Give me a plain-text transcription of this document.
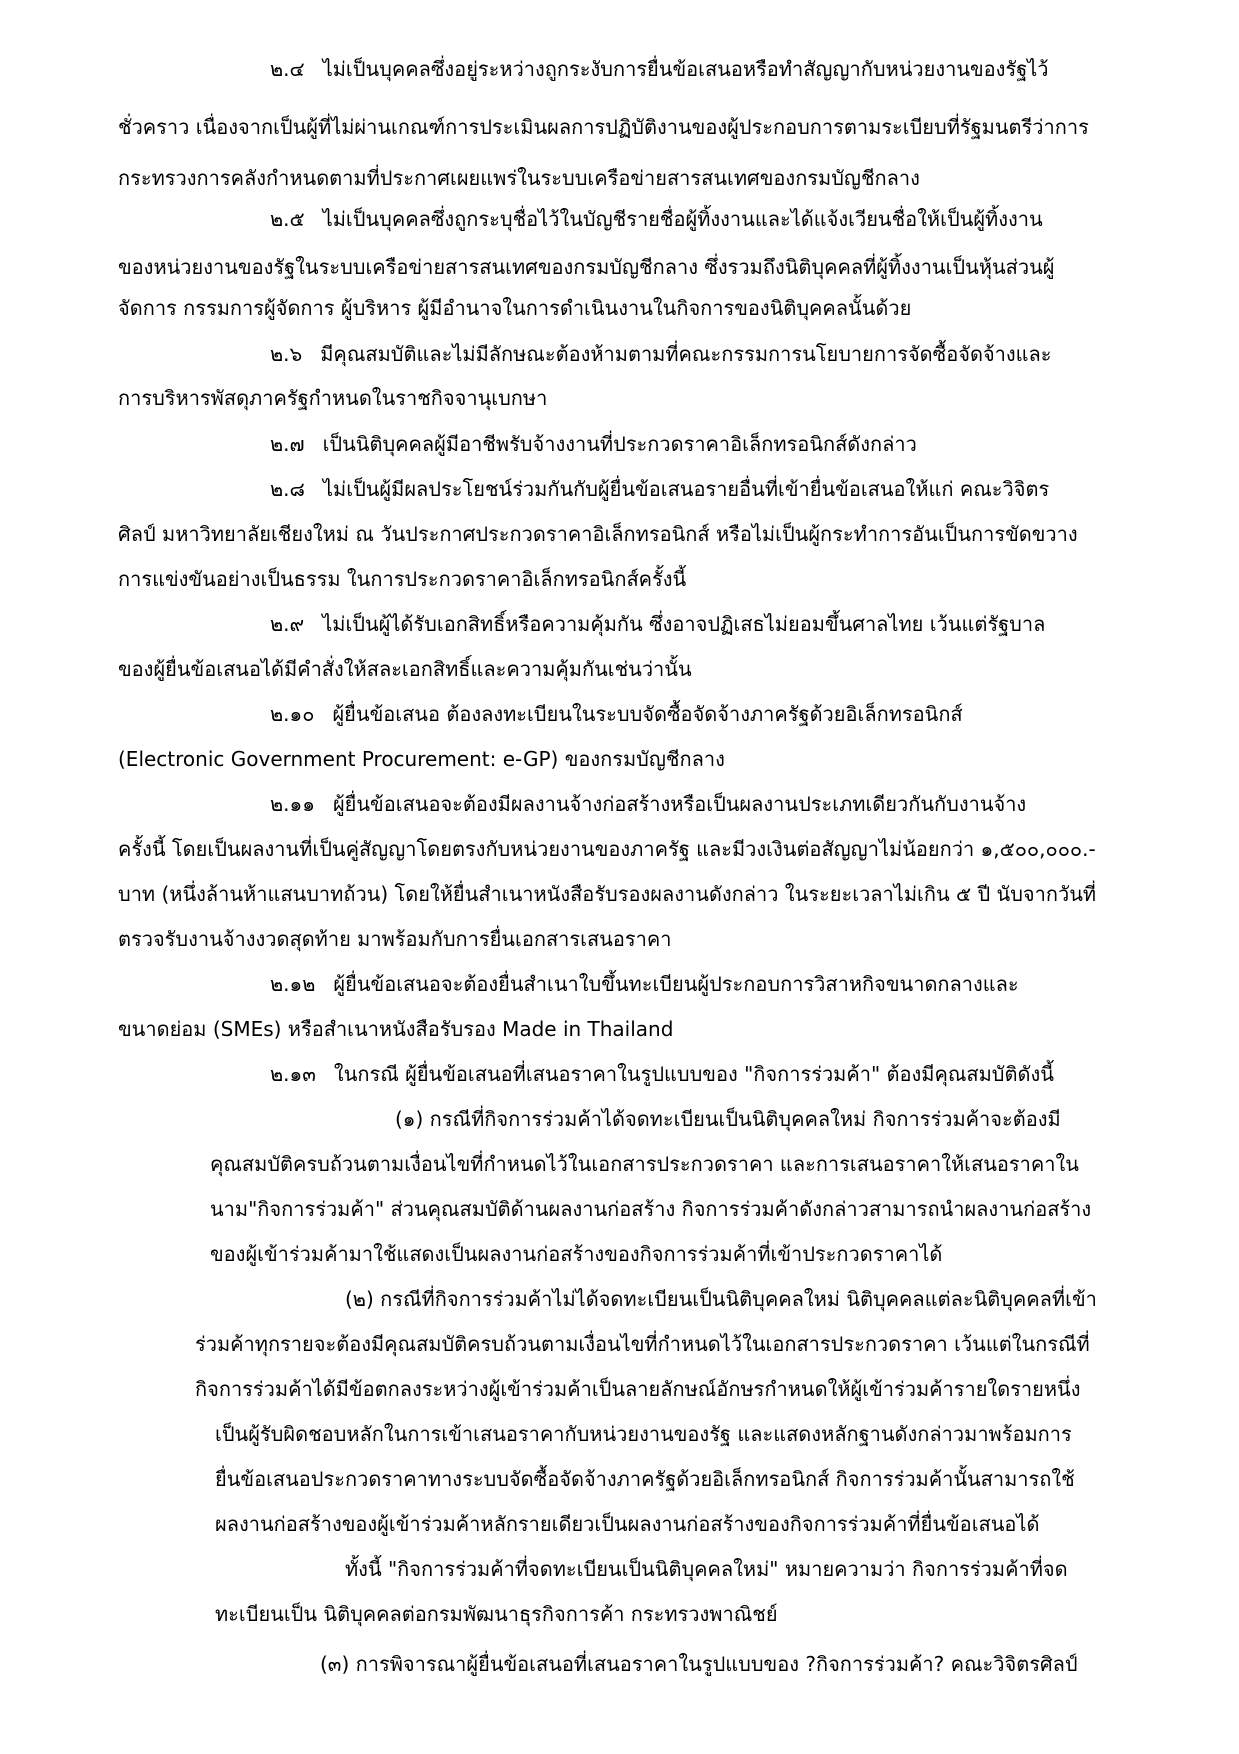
๒.๔ ไม่เป็นบุคคลซึ่งอยู่ระหว่างถูกระงับการยื่นข้อเสนอหรือทำสัญญากับหน่วยงานของรัฐไว้
ชั่วคราว เนื่องจากเป็นผู้ที่ไม่ผ่านเกณฑ์การประเมินผลการปฏิบัติงานของผู้ประกอบการตามระเบียบที่รัฐมนตรีว่าการ
กระทรวงการคลังกำหนดตามที่ประกาศเผยแพร่ในระบบเครือข่ายสารสนเทศของกรมบัญชีกลาง
๒.๕ ไม่เป็นบุคคลซึ่งถูกระบุชื่อไว้ในบัญชีรายชื่อผู้ทิ้งงานและได้แจ้งเวียนชื่อให้เป็นผู้ทิ้งงาน
ของหน่วยงานของรัฐในระบบเครือข่ายสารสนเทศของกรมบัญชีกลาง ซึ่งรวมถึงนิติบุคคลที่ผู้ทิ้งงานเป็นหุ้นส่วนผู้
จัดการ กรรมการผู้จัดการ ผู้บริหาร ผู้มีอำนาจในการดำเนินงานในกิจการของนิติบุคคลนั้นด้วย
๒.๖ มีคุณสมบัติและไม่มีลักษณะต้องห้ามตามที่คณะกรรมการนโยบายการจัดซื้อจัดจ้างและ
การบริหารพัสดุภาครัฐกำหนดในราชกิจจานุเบกษา
๒.๗ เป็นนิติบุคคลผู้มีอาชีพรับจ้างงานที่ประกวดราคาอิเล็กทรอนิกส์ดังกล่าว
๒.๘ ไม่เป็นผู้มีผลประโยชน์ร่วมกันกับผู้ยื่นข้อเสนอรายอื่นที่เข้ายื่นข้อเสนอให้แก่ คณะวิจิตร
ศิลป์ มหาวิทยาลัยเชียงใหม่ ณ วันประกาศประกวดราคาอิเล็กทรอนิกส์ หรือไม่เป็นผู้กระทำการอันเป็นการขัดขวาง
การแข่งขันอย่างเป็นธรรม ในการประกวดราคาอิเล็กทรอนิกส์ครั้งนี้
๒.๙ ไม่เป็นผู้ได้รับเอกสิทธิ์หรือความคุ้มกัน ซึ่งอาจปฏิเสธไม่ยอมขึ้นศาลไทย เว้นแต่รัฐบาล
ของผู้ยื่นข้อเสนอได้มีคำสั่งให้สละเอกสิทธิ์และความคุ้มกันเช่นว่านั้น
๒.๑๐ ผู้ยื่นข้อเสนอ ต้องลงทะเบียนในระบบจัดซื้อจัดจ้างภาครัฐด้วยอิเล็กทรอนิกส์
(Electronic Government Procurement: e-GP) ของกรมบัญชีกลาง
๒.๑๑ ผู้ยื่นข้อเสนอจะต้องมีผลงานจ้างก่อสร้างหรือเป็นผลงานประเภทเดียวกันกับงานจ้าง
ครั้งนี้ โดยเป็นผลงานที่เป็นคู่สัญญาโดยตรงกับหน่วยงานของภาครัฐ และมีวงเงินต่อสัญญาไม่น้อยกว่า ๑,๕๐๐,๐๐๐.-
บาท (หนึ่งล้านห้าแสนบาทถ้วน) โดยให้ยื่นสำเนาหนังสือรับรองผลงานดังกล่าว ในระยะเวลาไม่เกิน ๕ ปี นับจากวันที่
ตรวจรับงานจ้างงวดสุดท้าย มาพร้อมกับการยื่นเอกสารเสนอราคา
๒.๑๒ ผู้ยื่นข้อเสนอจะต้องยื่นสำเนาใบขึ้นทะเบียนผู้ประกอบการวิสาหกิจขนาดกลางและ
ขนาดย่อม (SMEs) หรือสำเนาหนังสือรับรอง Made in Thailand
๒.๑๓ ในกรณี ผู้ยื่นข้อเสนอที่เสนอราคาในรูปแบบของ "กิจการร่วมค้า" ต้องมีคุณสมบัติดังนี้
(๑) กรณีที่กิจการร่วมค้าได้จดทะเบียนเป็นนิติบุคคลใหม่ กิจการร่วมค้าจะต้องมี
คุณสมบัติครบถ้วนตามเงื่อนไขที่กำหนดไว้ในเอกสารประกวดราคา และการเสนอราคาให้เสนอราคาใน
นาม"กิจการร่วมค้า" ส่วนคุณสมบัติด้านผลงานก่อสร้าง กิจการร่วมค้าดังกล่าวสามารถนำผลงานก่อสร้าง
ของผู้เข้าร่วมค้ามาใช้แสดงเป็นผลงานก่อสร้างของกิจการร่วมค้าที่เข้าประกวดราคาได้
(๒) กรณีที่กิจการร่วมค้าไม่ได้จดทะเบียนเป็นนิติบุคคลใหม่ นิติบุคคลแต่ละนิติบุคคลที่เข้า
ร่วมค้าทุกรายจะต้องมีคุณสมบัติครบถ้วนตามเงื่อนไขที่กำหนดไว้ในเอกสารประกวดราคา เว้นแต่ในกรณีที่
กิจการร่วมค้าได้มีข้อตกลงระหว่างผู้เข้าร่วมค้าเป็นลายลักษณ์อักษรกำหนดให้ผู้เข้าร่วมค้ารายใดรายหนึ่ง
เป็นผู้รับผิดชอบหลักในการเข้าเสนอราคากับหน่วยงานของรัฐ และแสดงหลักฐานดังกล่าวมาพร้อมการ
ยื่นข้อเสนอประกวดราคาทางระบบจัดซื้อจัดจ้างภาครัฐด้วยอิเล็กทรอนิกส์ กิจการร่วมค้านั้นสามารถใช้
ผลงานก่อสร้างของผู้เข้าร่วมค้าหลักรายเดียวเป็นผลงานก่อสร้างของกิจการร่วมค้าที่ยื่นข้อเสนอได้
ทั้งนี้ "กิจการร่วมค้าที่จดทะเบียนเป็นนิติบุคคลใหม่" หมายความว่า กิจการร่วมค้าที่จด
ทะเบียนเป็น นิติบุคคลต่อกรมพัฒนาธุรกิจการค้า กระทรวงพาณิชย์
(๓) การพิจารณาผู้ยื่นข้อเสนอที่เสนอราคาในรูปแบบของ ?กิจการร่วมค้า? คณะวิจิตรศิลป์
